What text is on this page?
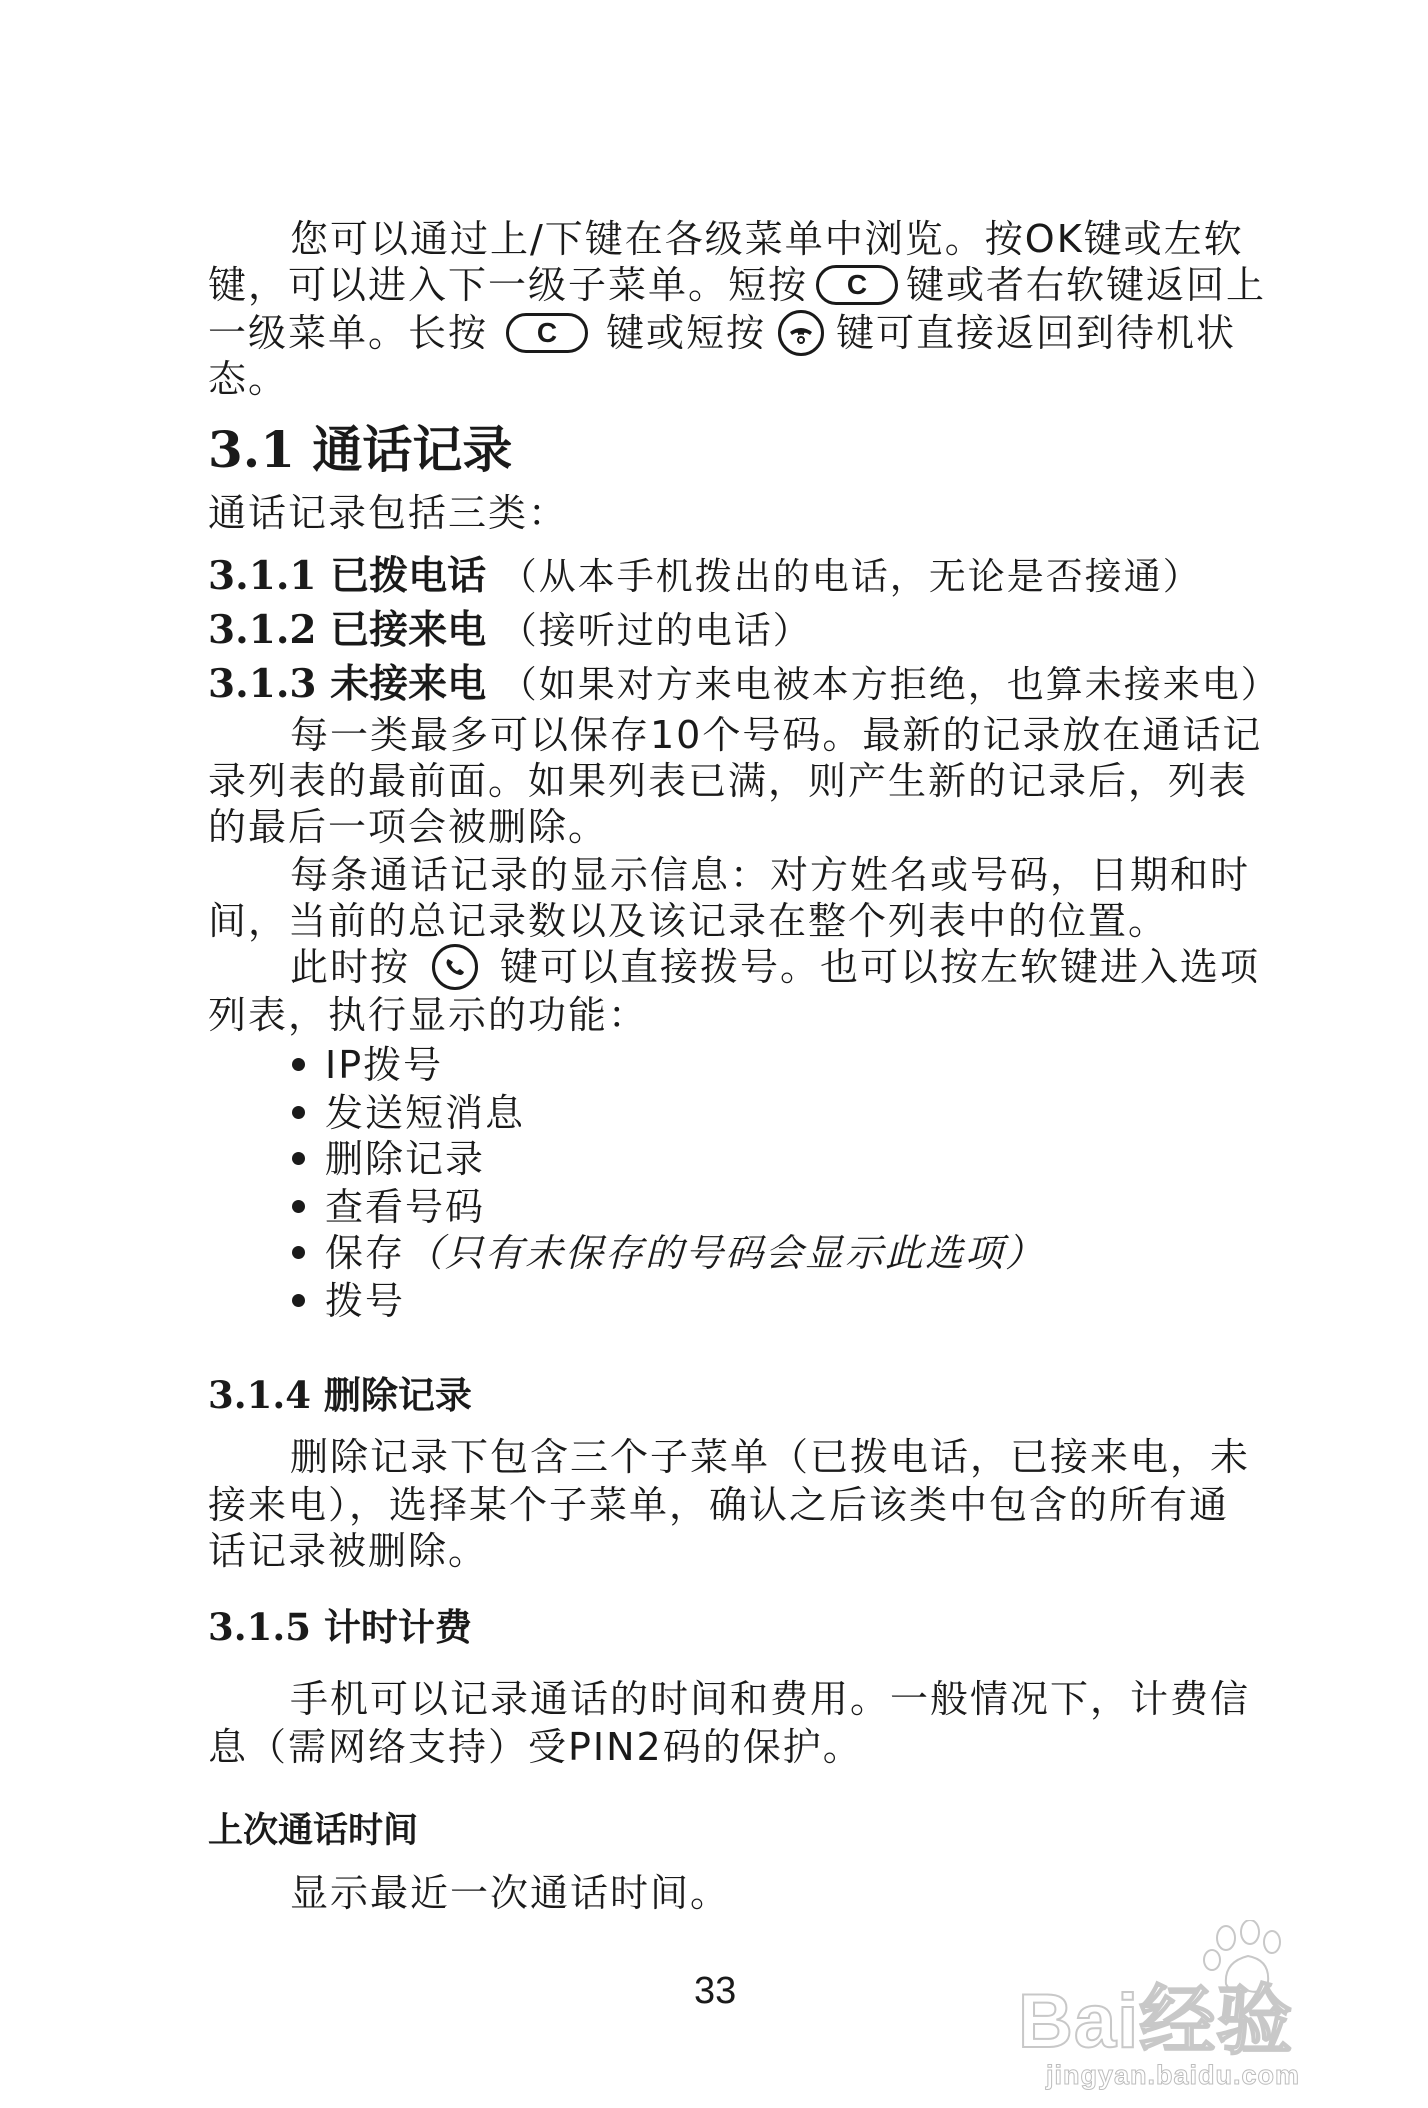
您可以通过上/下键在各级菜单中浏览。按OK键或左软
键，可以进入下一级子菜单。短按 C 键或者右软键返回上
一级菜单。长按 C 键或短按 键可直接返回到待机状
态。
3.1 通话记录
通话记录包括三类：
3.1.1 已拨电话 （从本手机拨出的电话，无论是否接通）
3.1.2 已接来电 （接听过的电话）
3.1.3 未接来电 （如果对方来电被本方拒绝，也算未接来电）
每一类最多可以保存10个号码。最新的记录放在通话记
录列表的最前面。如果列表已满，则产生新的记录后，列表
的最后一项会被删除。
每条通话记录的显示信息：对方姓名或号码，日期和时
间，当前的总记录数以及该记录在整个列表中的位置。
此时按 键可以直接拨号。也可以按左软键进入选项
列表，执行显示的功能：
IP拨号
发送短消息
删除记录
查看号码
保存（只有未保存的号码会显示此选项）
拨号
3.1.4 删除记录
删除记录下包含三个子菜单（已拨电话，已接来电，未
接来电），选择某个子菜单，确认之后该类中包含的所有通
话记录被删除。
3.1.5 计时计费
手机可以记录通话的时间和费用。一般情况下，计费信
息（需网络支持）受PIN2码的保护。
上次通话时间
显示最近一次通话时间。
33	Bai经验
jingyan.baidu.com
